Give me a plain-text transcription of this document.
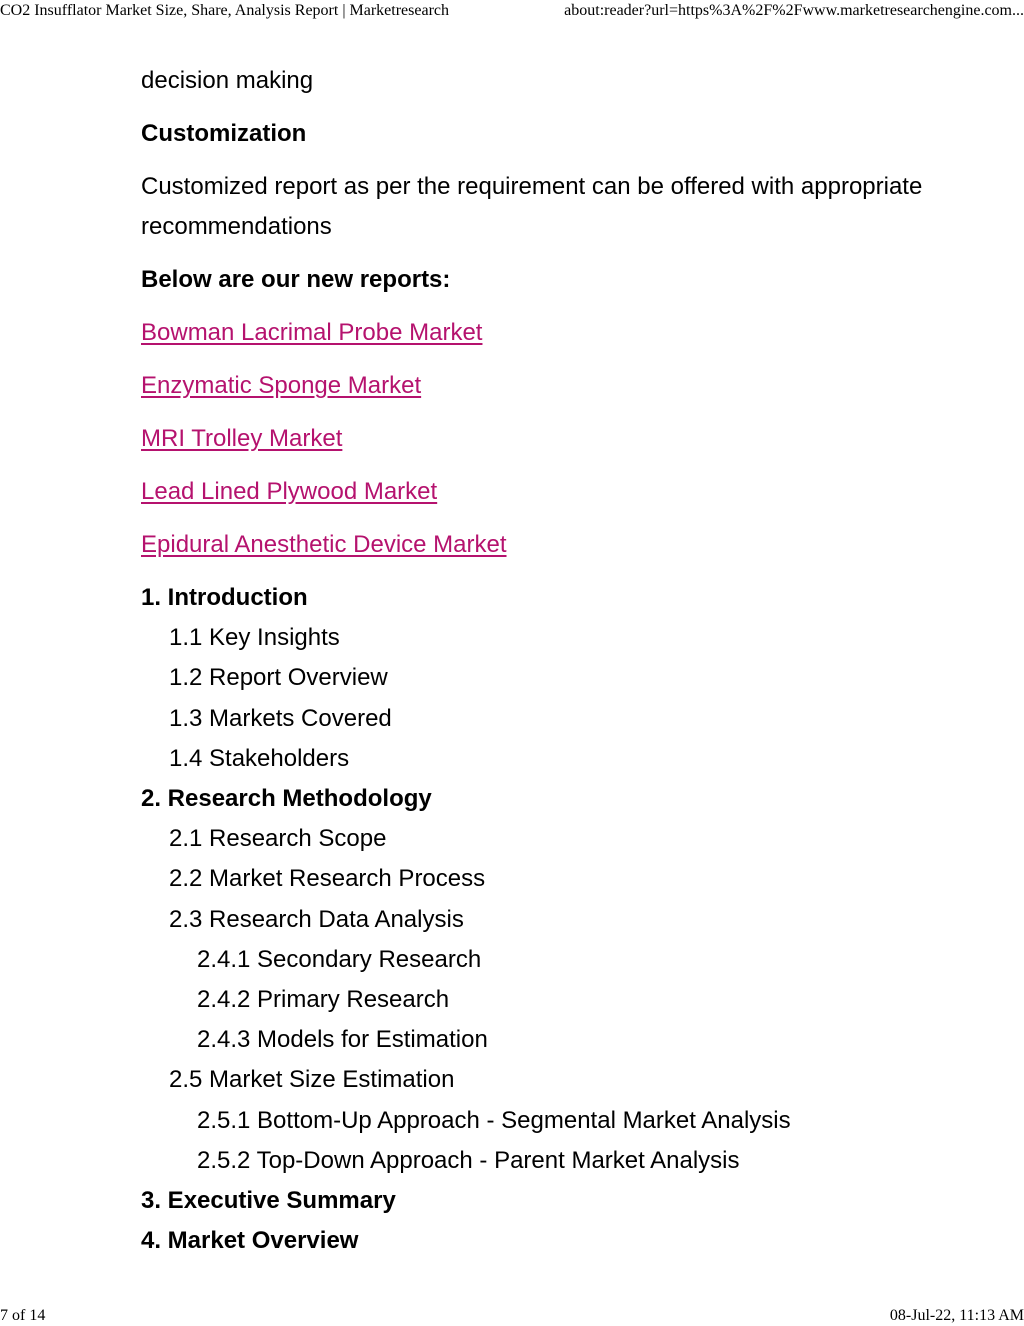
CO2 Insufflator Market Size, Share, Analysis Report | Marketresearch	about:reader?url=https%3A%2F%2Fwww.marketresearchengine.com...

decision making

Customization

Customized report as per the requirement can be offered with appropriate recommendations

Below are our new reports:

Bowman Lacrimal Probe Market

Enzymatic Sponge Market

MRI Trolley Market

Lead Lined Plywood Market

Epidural Anesthetic Device Market

1. Introduction
1.1 Key Insights
1.2 Report Overview
1.3 Markets Covered
1.4 Stakeholders
2. Research Methodology
2.1 Research Scope
2.2 Market Research Process
2.3 Research Data Analysis
2.4.1 Secondary Research
2.4.2 Primary Research
2.4.3 Models for Estimation
2.5 Market Size Estimation
2.5.1 Bottom-Up Approach - Segmental Market Analysis
2.5.2 Top-Down Approach - Parent Market Analysis
3. Executive Summary
4. Market Overview
7 of 14	08-Jul-22, 11:13 AM
